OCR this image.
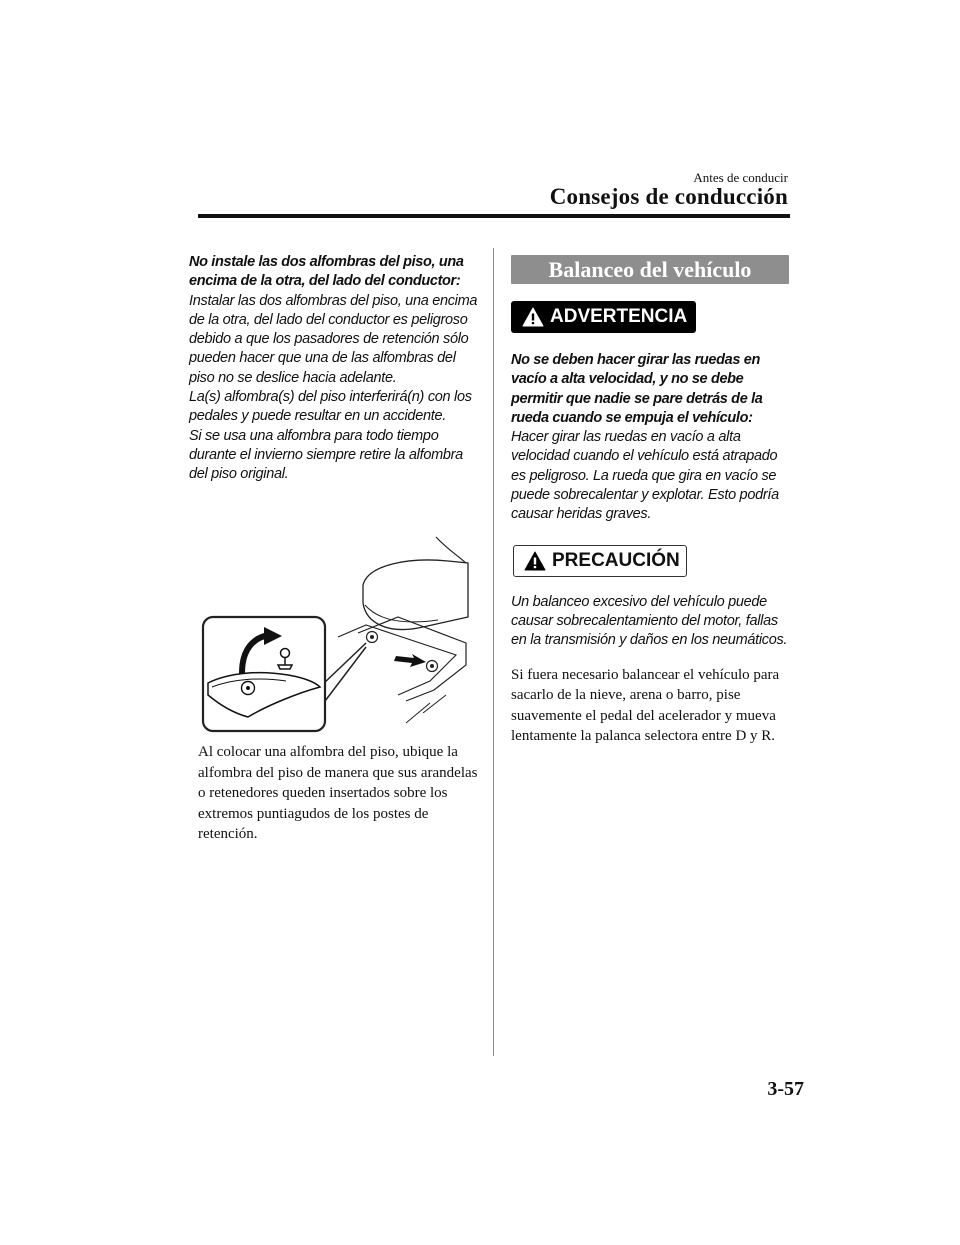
Antes de conducir
Consejos de conducción

No instale las dos alfombras del piso, una encima de la otra, del lado del conductor:

Instalar las dos alfombras del piso, una encima de la otra, del lado del conductor es peligroso debido a que los pasadores de retención sólo pueden hacer que una de las alfombras del piso no se deslice hacia adelante.

La(s) alfombra(s) del piso interferirá(n) con los pedales y puede resultar en un accidente.

Si se usa una alfombra para todo tiempo durante el invierno siempre retire la alfombra del piso original.

Al colocar una alfombra del piso, ubique la alfombra del piso de manera que sus arandelas o retenedores queden insertados sobre los extremos puntiagudos de los postes de retención.

Balanceo del vehículo
ADVERTENCIA

No se deben hacer girar las ruedas en vacío a alta velocidad, y no se debe permitir que nadie se pare detrás de la rueda cuando se empuja el vehículo:

Hacer girar las ruedas en vacío a alta velocidad cuando el vehículo está atrapado es peligroso. La rueda que gira en vacío se puede sobrecalentar y explotar. Esto podría causar heridas graves.

PRECAUCIÓN

Un balanceo excesivo del vehículo puede causar sobrecalentamiento del motor, fallas en la transmisión y daños en los neumáticos.

Si fuera necesario balancear el vehículo para sacarlo de la nieve, arena o barro, pise suavemente el pedal del acelerador y mueva lentamente la palanca selectora entre D y R.

3-57
